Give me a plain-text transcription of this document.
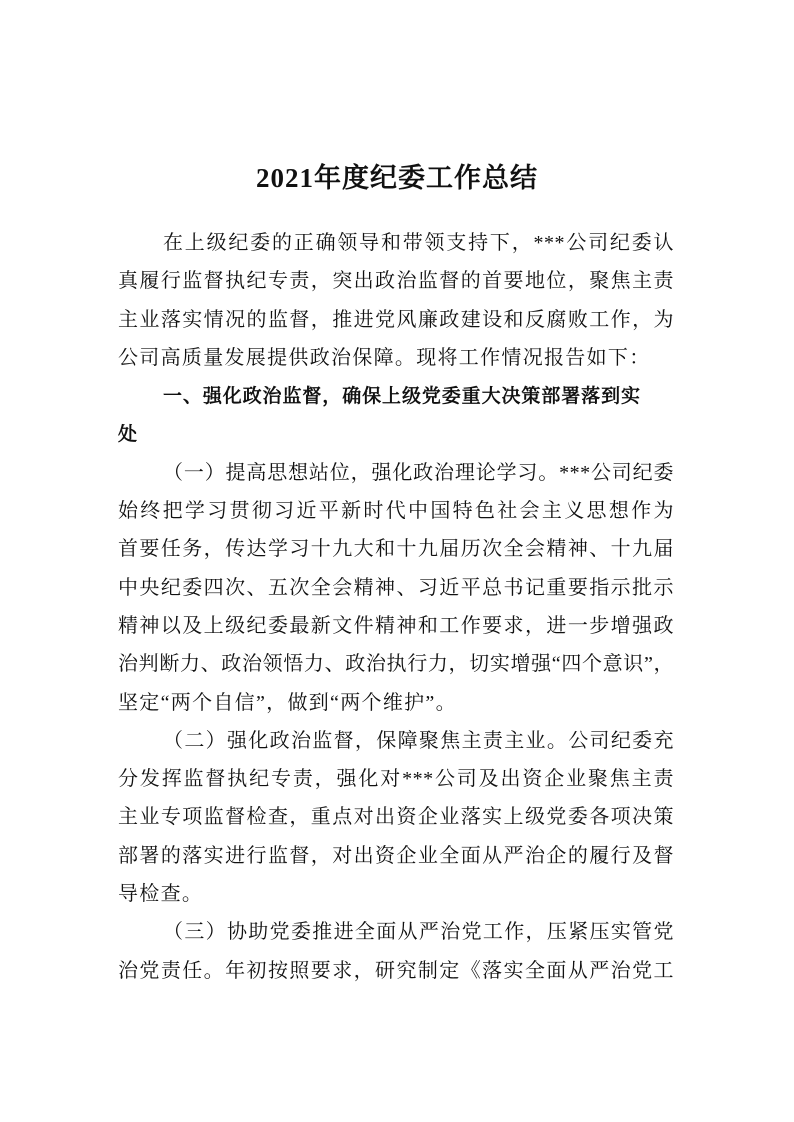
2021年度纪委工作总结
在上级纪委的正确领导和带领支持下，***公司纪委认
真履行监督执纪专责，突出政治监督的首要地位，聚焦主责
主业落实情况的监督，推进党风廉政建设和反腐败工作，为
公司高质量发展提供政治保障。现将工作情况报告如下：
一、强化政治监督，确保上级党委重大决策部署落到实
处
（一）提高思想站位，强化政治理论学习。***公司纪委
始终把学习贯彻习近平新时代中国特色社会主义思想作为
首要任务，传达学习十九大和十九届历次全会精神、十九届
中央纪委四次、五次全会精神、习近平总书记重要指示批示
精神以及上级纪委最新文件精神和工作要求，进一步增强政
治判断力、政治领悟力、政治执行力，切实增强“四个意识”，
坚定“两个自信”，做到“两个维护”。
（二）强化政治监督，保障聚焦主责主业。公司纪委充
分发挥监督执纪专责，强化对***公司及出资企业聚焦主责
主业专项监督检查，重点对出资企业落实上级党委各项决策
部署的落实进行监督，对出资企业全面从严治企的履行及督
导检查。
（三）协助党委推进全面从严治党工作，压紧压实管党
治党责任。年初按照要求，研究制定《落实全面从严治党工
